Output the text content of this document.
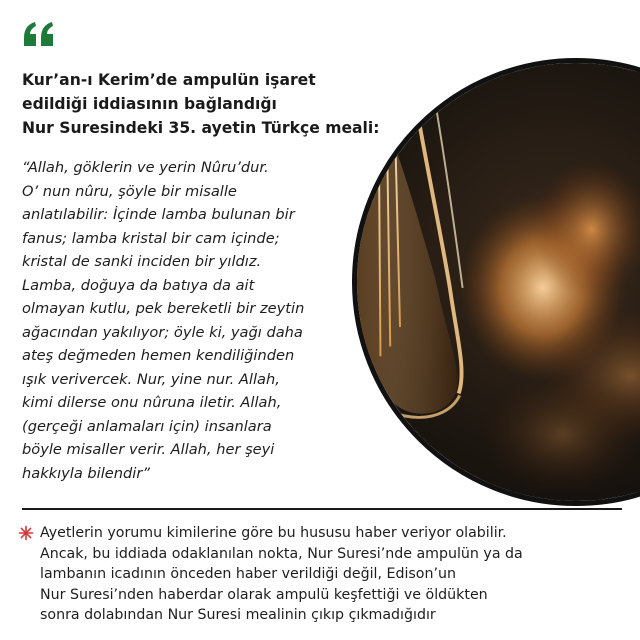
Kur’an-ı Kerim’de ampulün işaret
edildiği iddiasının bağlandığı
Nur Suresindeki 35. ayetin Türkçe meali:
“Allah, göklerin ve yerin Nûru’dur.
O’ nun nûru, şöyle bir misalle
anlatılabilir: İçinde lamba bulunan bir
fanus; lamba kristal bir cam içinde;
kristal de sanki inciden bir yıldız.
Lamba, doğuya da batıya da ait
olmayan kutlu, pek bereketli bir zeytin
ağacından yakılıyor; öyle ki, yağı daha
ateş değmeden hemen kendiliğinden
ışık verivercek. Nur, yine nur. Allah,
kimi dilerse onu nûruna iletir. Allah,
(gerçeği anlamaları için) insanlara
böyle misaller verir. Allah, her şeyi
hakkıyla bilendir”
Ayetlerin yorumu kimilerine göre bu hususu haber veriyor olabilir.
Ancak, bu iddiada odaklanılan nokta, Nur Suresi’nde ampulün ya da
lambanın icadının önceden haber verildiği değil, Edison’un
Nur Suresi’nden haberdar olarak ampulü keşfettiği ve öldükten
sonra dolabından Nur Suresi mealinin çıkıp çıkmadığıdır
